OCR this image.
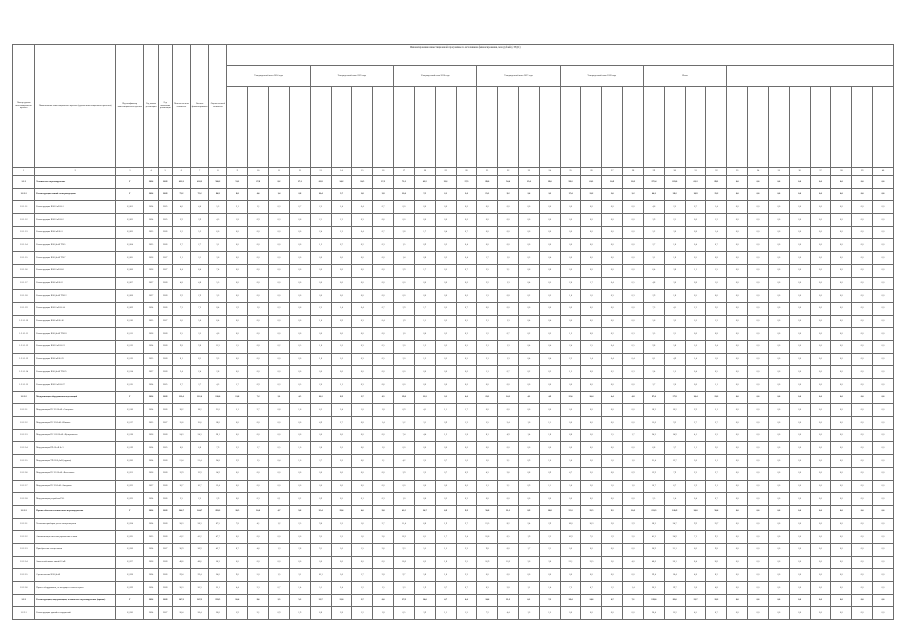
Финансирование инвестиционной программы по источникам финансирования, млн рублей (с НДС)
Номер группы инвестиционного проекта	Наименование инвестиционного проекта (группы инвестиционных проектов)	Идентификатор инвестиционного проекта	Год начала реализации	Год окончания реализации	Полная сметная стоимость	Остаток финансирования	Оценка полной стоимости																																
								Утвержденный план 2024 года				Утвержденный план 2025 года				Утвержденный план 2026 года				Утвержденный план 2027 года				Утвержденный план 2028 года				Итого											

1	2	3	4	5	6	7	8	9	10	11	12	13	14	15	16	17	18	19	20	21	22	23	24	25	26	27	28	29	30	31	32	33	34	35	36	37	38	39	40
1.2.1	Техническое перевооружение	Г	2024	2028	432,3	432,3	500,2	53,1	27,8	8,2	17,1	61,9	34,2	10,5	17,2	73,1	43,5	12,1	17,5	89,0	54,4	15,6	19,0	98,3	63,1	16,9	18,3	375,4	223,0	63,3	89,1	0,0	0,0	0,0	0,0	0,0	0,0	0,0	0,0
1.2.1.1	Реконструкция линий электропередачи	Г	2024	2028	75,2	75,2	86,9	8,8	4,6	1,4	2,8	10,4	5,7	1,8	2,9	12,6	7,5	2,1	3,0	15,1	9,2	2,6	3,3	17,4	11,2	3,0	3,2	64,3	38,2	10,9	15,2	0,0	0,0	0,0	0,0	0,0	0,0	0,0	0,0
1.2.1.1.1	Реконструкция ВЛ-10 кВ Ф-1	G_001	2024	2025	4,6	4,6	5,3	2,1	1,1	0,3	0,7	2,5	1,4	0,4	0,7	0,0	0,0	0,0	0,0	0,0	0,0	0,0	0,0	0,0	0,0	0,0	0,0	4,6	2,5	0,7	1,4	0,0	0,0	0,0	0,0	0,0	0,0	0,0	0,0
1.2.1.1.2	Реконструкция ВЛ-10 кВ Ф-2	G_002	2024	2025	3,9	3,9	4,5	1,8	0,9	0,3	0,6	2,1	1,2	0,3	0,6	0,0	0,0	0,0	0,0	0,0	0,0	0,0	0,0	0,0	0,0	0,0	0,0	3,9	2,1	0,6	1,2	0,0	0,0	0,0	0,0	0,0	0,0	0,0	0,0
1.2.1.1.3	Реконструкция ВЛ-6 кВ Ф-3	G_003	2025	2026	5,2	5,2	6,0	0,0	0,0	0,0	0,0	2,4	1,3	0,4	0,7	2,8	1,7	0,4	0,7	0,0	0,0	0,0	0,0	0,0	0,0	0,0	0,0	5,2	3,0	0,8	1,4	0,0	0,0	0,0	0,0	0,0	0,0	0,0	0,0
1.2.1.1.4	Реконструкция ВЛ-0,4 кВ ТП-5	G_004	2025	2026	2,7	2,7	3,1	0,0	0,0	0,0	0,0	1,2	0,7	0,2	0,3	1,5	0,9	0,2	0,4	0,0	0,0	0,0	0,0	0,0	0,0	0,0	0,0	2,7	1,6	0,4	0,7	0,0	0,0	0,0	0,0	0,0	0,0	0,0	0,0
1.2.1.1.5	Реконструкция ВЛ-0,4 кВ ТП-7	G_005	2026	2027	3,1	3,1	3,6	0,0	0,0	0,0	0,0	0,0	0,0	0,0	0,0	1,4	0,8	0,2	0,4	1,7	1,0	0,3	0,4	0,0	0,0	0,0	0,0	3,1	1,8	0,5	0,8	0,0	0,0	0,0	0,0	0,0	0,0	0,0	0,0
1.2.1.1.6	Реконструкция ВЛ-10 кВ Ф-8	G_006	2026	2027	6,4	6,4	7,4	0,0	0,0	0,0	0,0	0,0	0,0	0,0	0,0	2,9	1,7	0,5	0,7	3,5	2,1	0,6	0,8	0,0	0,0	0,0	0,0	6,4	3,8	1,1	1,5	0,0	0,0	0,0	0,0	0,0	0,0	0,0	0,0
1.2.1.1.7	Реконструкция ВЛ-6 кВ Ф-9	G_007	2027	2028	4,8	4,8	5,5	0,0	0,0	0,0	0,0	0,0	0,0	0,0	0,0	0,0	0,0	0,0	0,0	2,2	1,3	0,4	0,5	2,6	1,7	0,4	0,5	4,8	3,0	0,8	1,0	0,0	0,0	0,0	0,0	0,0	0,0	0,0	0,0
1.2.1.1.8	Реконструкция ВЛ-0,4 кВ ТП-12	G_008	2027	2028	2,9	2,9	3,3	0,0	0,0	0,0	0,0	0,0	0,0	0,0	0,0	0,0	0,0	0,0	0,0	1,3	0,8	0,2	0,3	1,6	1,0	0,3	0,3	2,9	1,8	0,5	0,6	0,0	0,0	0,0	0,0	0,0	0,0	0,0	0,0
1.2.1.1.9	Реконструкция ВЛ-10 кВ Ф-14	G_009	2024	2026	7,3	7,3	8,4	1,9	1,0	0,3	0,6	2,5	1,4	0,4	0,7	2,9	1,7	0,5	0,7	0,0	0,0	0,0	0,0	0,0	0,0	0,0	0,0	7,3	4,1	1,2	2,0	0,0	0,0	0,0	0,0	0,0	0,0	0,0	0,0
1.2.1.1.10	Реконструкция ВЛ-6 кВ Ф-16	G_010	2025	2027	5,6	5,6	6,4	0,0	0,0	0,0	0,0	1,6	0,9	0,3	0,4	1,9	1,1	0,3	0,5	2,1	1,3	0,4	0,4	0,0	0,0	0,0	0,0	5,6	3,3	1,0	1,3	0,0	0,0	0,0	0,0	0,0	0,0	0,0	0,0
1.2.1.1.11	Реконструкция ВЛ-0,4 кВ ТП-18	G_011	2026	2028	3,5	3,5	4,0	0,0	0,0	0,0	0,0	0,0	0,0	0,0	0,0	1,0	0,6	0,2	0,2	1,2	0,7	0,2	0,3	1,3	0,8	0,2	0,3	3,5	2,1	0,6	0,8	0,0	0,0	0,0	0,0	0,0	0,0	0,0	0,0
1.2.1.1.12	Реконструкция ВЛ-10 кВ Ф-21	G_012	2024	2028	9,8	9,8	11,3	1,5	0,8	0,2	0,5	1,8	1,0	0,3	0,5	2,0	1,2	0,3	0,5	2,1	1,3	0,4	0,4	2,4	1,5	0,4	0,5	9,8	5,8	1,6	2,4	0,0	0,0	0,0	0,0	0,0	0,0	0,0	0,0
1.2.1.1.13	Реконструкция ВЛ-6 кВ Ф-23	G_013	2025	2028	8,1	8,1	9,3	0,0	0,0	0,0	0,0	1,8	1,0	0,3	0,5	2,0	1,2	0,3	0,5	2,1	1,3	0,4	0,4	2,2	1,4	0,4	0,4	8,1	4,9	1,4	1,8	0,0	0,0	0,0	0,0	0,0	0,0	0,0	0,0
1.2.1.1.14	Реконструкция ВЛ-0,4 кВ ТП-25	G_014	2027	2028	2,4	2,4	2,8	0,0	0,0	0,0	0,0	0,0	0,0	0,0	0,0	0,0	0,0	0,0	0,0	1,1	0,7	0,2	0,2	1,3	0,8	0,2	0,3	2,4	1,5	0,4	0,5	0,0	0,0	0,0	0,0	0,0	0,0	0,0	0,0
1.2.1.1.15	Реконструкция ВЛ-10 кВ Ф-27	G_015	2024	2025	3,7	3,7	4,3	1,7	0,9	0,3	0,5	2,0	1,1	0,3	0,6	0,0	0,0	0,0	0,0	0,0	0,0	0,0	0,0	0,0	0,0	0,0	0,0	3,7	2,0	0,6	1,1	0,0	0,0	0,0	0,0	0,0	0,0	0,0	0,0
1.2.1.2	Модернизация оборудования подстанций	Г	2024	2028	112,4	112,4	130,0	13,8	7,2	2,1	4,5	16,1	8,9	2,7	4,5	19,0	11,3	3,1	4,6	23,1	14,1	4,1	4,9	25,6	16,4	4,4	4,8	97,6	57,9	16,4	23,3	0,0	0,0	0,0	0,0	0,0	0,0	0,0	0,0
1.2.1.2.1	Модернизация ПС 35/10 кВ «Северная»	G_016	2024	2026	18,2	18,2	21,0	5,1	2,7	0,8	1,6	6,2	3,4	1,0	1,8	6,9	4,1	1,1	1,7	0,0	0,0	0,0	0,0	0,0	0,0	0,0	0,0	18,2	10,2	2,9	5,1	0,0	0,0	0,0	0,0	0,0	0,0	0,0	0,0
1.2.1.2.2	Модернизация ПС 35/6 кВ «Южная»	G_017	2025	2027	15,6	15,6	18,0	0,0	0,0	0,0	0,0	4,9	2,7	0,8	1,4	5,2	3,1	0,9	1,2	5,5	3,4	1,0	1,1	0,0	0,0	0,0	0,0	15,6	9,2	2,7	3,7	0,0	0,0	0,0	0,0	0,0	0,0	0,0	0,0
1.2.1.2.3	Модернизация ПС 110/10 кВ «Центральная»	G_018	2026	2028	24,3	24,3	28,1	0,0	0,0	0,0	0,0	0,0	0,0	0,0	0,0	7,4	4,4	1,2	1,8	8,1	4,9	1,4	1,8	8,8	5,6	1,5	1,7	24,3	14,9	4,1	5,3	0,0	0,0	0,0	0,0	0,0	0,0	0,0	0,0
1.2.1.2.4	Модернизация РП-10 кВ № 3	G_019	2024	2025	6,8	6,8	7,9	3,2	1,7	0,5	1,0	3,6	2,0	0,6	1,0	0,0	0,0	0,0	0,0	0,0	0,0	0,0	0,0	0,0	0,0	0,0	0,0	6,8	3,7	1,1	2,0	0,0	0,0	0,0	0,0	0,0	0,0	0,0	0,0
1.2.1.2.5	Модернизация ТП-10/0,4 кВ (группа)	G_020	2024	2028	21,4	21,4	24,8	2,9	1,5	0,4	1,0	3,7	2,0	0,6	1,1	4,2	2,5	0,7	1,0	5,0	3,1	0,9	1,0	5,6	3,6	1,0	1,0	21,4	12,7	3,6	5,1	0,0	0,0	0,0	0,0	0,0	0,0	0,0	0,0
1.2.1.2.6	Модернизация ПС 35/10 кВ «Восточная»	G_021	2026	2028	12,9	12,9	14,9	0,0	0,0	0,0	0,0	0,0	0,0	0,0	0,0	3,9	2,3	0,7	0,9	4,3	2,6	0,8	0,9	4,7	3,0	0,8	0,9	12,9	7,9	2,3	2,7	0,0	0,0	0,0	0,0	0,0	0,0	0,0	0,0
1.2.1.2.7	Модернизация ПС 35/6 кВ «Западная»	G_022	2027	2028	10,7	10,7	12,4	0,0	0,0	0,0	0,0	0,0	0,0	0,0	0,0	0,0	0,0	0,0	0,0	5,1	3,1	0,9	1,1	5,6	3,6	1,0	1,0	10,7	6,7	1,9	2,1	0,0	0,0	0,0	0,0	0,0	0,0	0,0	0,0
1.2.1.2.8	Модернизация устройств РЗА	G_023	2024	2026	2,5	2,5	2,9	0,6	0,3	0,1	0,2	0,9	0,5	0,1	0,3	1,0	0,6	0,2	0,2	0,0	0,0	0,0	0,0	0,0	0,0	0,0	0,0	2,5	1,4	0,4	0,7	0,0	0,0	0,0	0,0	0,0	0,0	0,0	0,0
1.2.1.3	Прочие объекты технического перевооружения	Г	2024	2028	244,7	244,7	283,3	30,5	16,0	4,7	9,8	35,4	19,6	6,0	9,8	41,5	24,7	6,9	9,9	50,8	31,1	8,9	10,8	55,3	35,5	9,5	10,3	213,5	126,9	36,0	50,6	0,0	0,0	0,0	0,0	0,0	0,0	0,0	0,0
1.2.1.3.1	Установка приборов учета электроэнергии	G_024	2024	2028	58,3	58,3	67,5	7,8	4,1	1,2	2,5	9,6	5,3	1,6	2,7	11,4	6,8	1,9	2,7	13,5	8,2	2,4	2,9	16,0	10,3	2,8	2,9	58,3	34,7	9,9	13,7	0,0	0,0	0,0	0,0	0,0	0,0	0,0	0,0
1.2.1.3.2	Автоматизация системы управления сетями	G_025	2025	2028	41,2	41,2	47,7	0,0	0,0	0,0	0,0	9,5	5,3	1,6	2,6	10,2	6,1	1,7	2,4	10,6	6,5	1,9	2,2	10,9	7,0	1,9	2,0	41,2	24,9	7,1	9,2	0,0	0,0	0,0	0,0	0,0	0,0	0,0	0,0
1.2.1.3.3	Приобретение спецтехники	G_026	2024	2027	36,9	36,9	42,7	8,7	4,6	1,3	2,8	9,1	5,0	1,5	2,6	9,3	5,5	1,5	2,3	9,8	6,0	1,7	2,1	0,0	0,0	0,0	0,0	36,9	21,1	6,0	9,8	0,0	0,0	0,0	0,0	0,0	0,0	0,0	0,0
1.2.1.3.4	Замена кабельных линий 10 кВ	G_027	2026	2028	48,6	48,6	56,3	0,0	0,0	0,0	0,0	0,0	0,0	0,0	0,0	10,6	6,3	1,8	2,5	16,9	10,3	3,0	3,6	21,1	13,5	3,6	4,0	48,6	30,1	8,4	10,1	0,0	0,0	0,0	0,0	0,0	0,0	0,0	0,0
1.2.1.3.5	Строительство КЛ-0,4 кВ	G_028	2024	2026	29,4	29,4	34,0	9,6	5,0	1,5	3,1	10,1	5,6	1,7	2,8	9,7	5,8	1,6	2,3	0,0	0,0	0,0	0,0	0,0	0,0	0,0	0,0	29,4	16,4	4,8	8,2	0,0	0,0	0,0	0,0	0,0	0,0	0,0	0,0
1.2.1.3.6	Прочее оборудование, не входящее в сметы строек	G_029	2024	2028	30,3	30,3	35,1	4,4	2,3	0,7	1,4	5,1	2,4	1,2	1,5	3,3	1,9	0,7	0,7	6,3	3,8	1,1	1,4	7,3	4,7	1,2	1,4	30,3	19,7	5,8	4,8	0,0	0,0	0,0	0,0	0,0	0,0	0,0	0,0
1.2.2	Реконструкция, модернизация, техническое перевооружение (прочие)	Г	2024	2028	167,2	167,2	193,5	16,4	8,6	2,5	5,3	21,7	12,0	3,7	6,0	27,9	16,6	4,7	6,6	34,6	21,2	6,1	7,3	38,4	24,6	6,7	7,1	139,0	83,0	23,7	32,3	0,0	0,0	0,0	0,0	0,0	0,0	0,0	0,0
1.2.2.1	Реконструкция зданий и сооружений	G_030	2024	2027	26,4	26,4	30,6	5,9	3,1	0,9	1,9	6,8	3,8	1,2	1,8	6,5	3,9	1,1	1,5	7,2	4,4	1,3	1,5	0,0	0,0	0,0	0,0	26,4	15,2	4,5	6,7	0,0	0,0	0,0	0,0	0,0	0,0	0,0	0,0
